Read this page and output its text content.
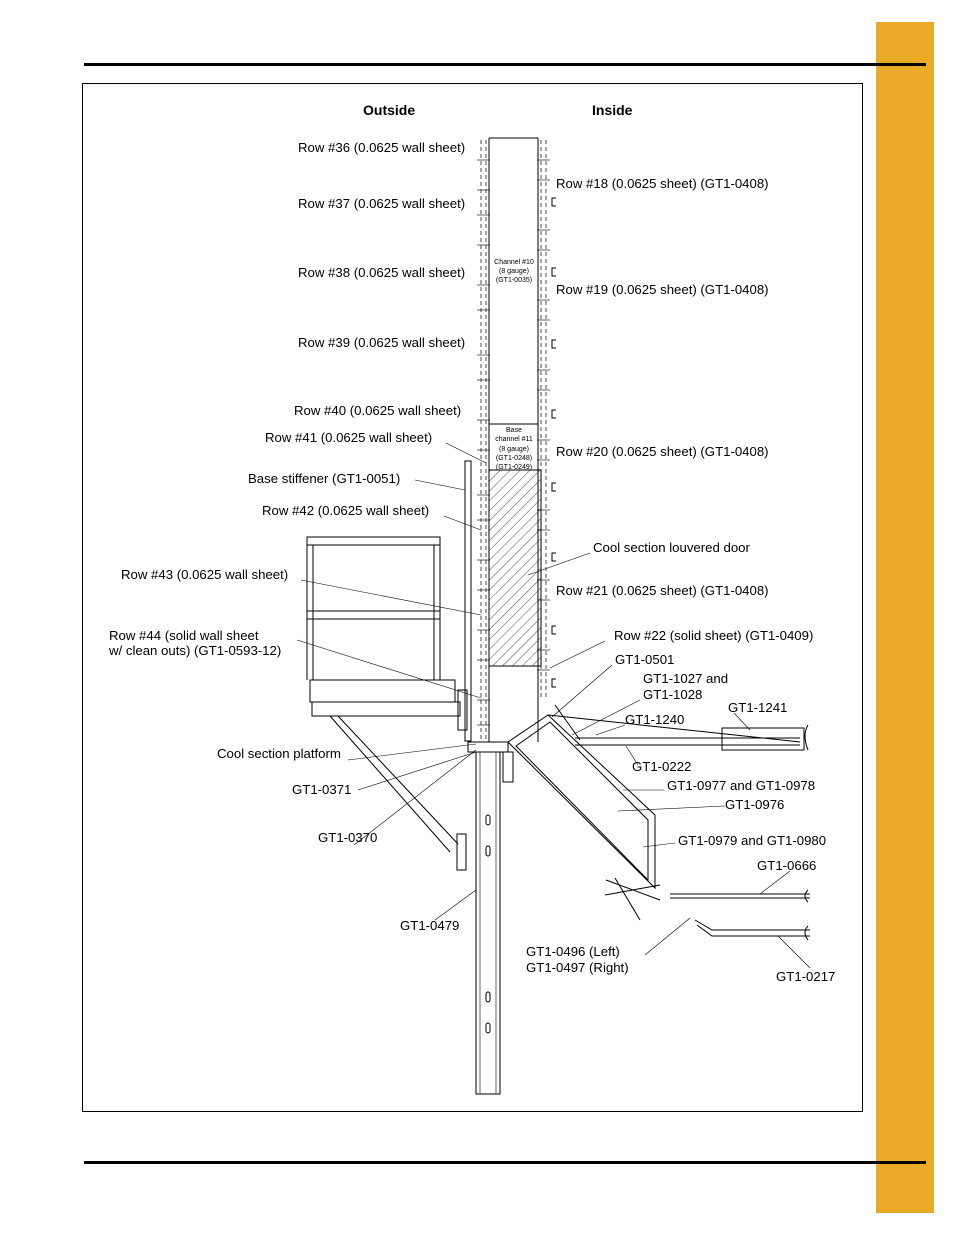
Outside	Inside
Channel #10
(8 gauge)
(GT1-0035)
Base
channel #11
(8 gauge)
(GT1-0248)
(GT1-0249)
Row #36 (0.0625 wall sheet)
Row #37 (0.0625 wall sheet)
Row #38 (0.0625 wall sheet)
Row #39 (0.0625 wall sheet)
Row #40 (0.0625 wall sheet)
Row #41 (0.0625 wall sheet)
Base stiffener (GT1-0051)
Row #42 (0.0625 wall sheet)
Row #43 (0.0625 wall sheet)
Row #44 (solid wall sheet
w/ clean outs) (GT1-0593-12)
Cool section platform
GT1-0371
GT1-0370
GT1-0479
Row #18 (0.0625 sheet) (GT1-0408)
Row #19 (0.0625 sheet) (GT1-0408)
Row #20 (0.0625 sheet) (GT1-0408)
Cool section louvered door
Row #21 (0.0625 sheet) (GT1-0408)
Row #22 (solid sheet) (GT1-0409)
GT1-0501
GT1-1027 and
GT1-1028
GT1-1240
GT1-1241
GT1-0222
GT1-0977 and GT1-0978
GT1-0976
GT1-0979 and GT1-0980
GT1-0666
GT1-0496 (Left)
GT1-0497 (Right)
GT1-0217
